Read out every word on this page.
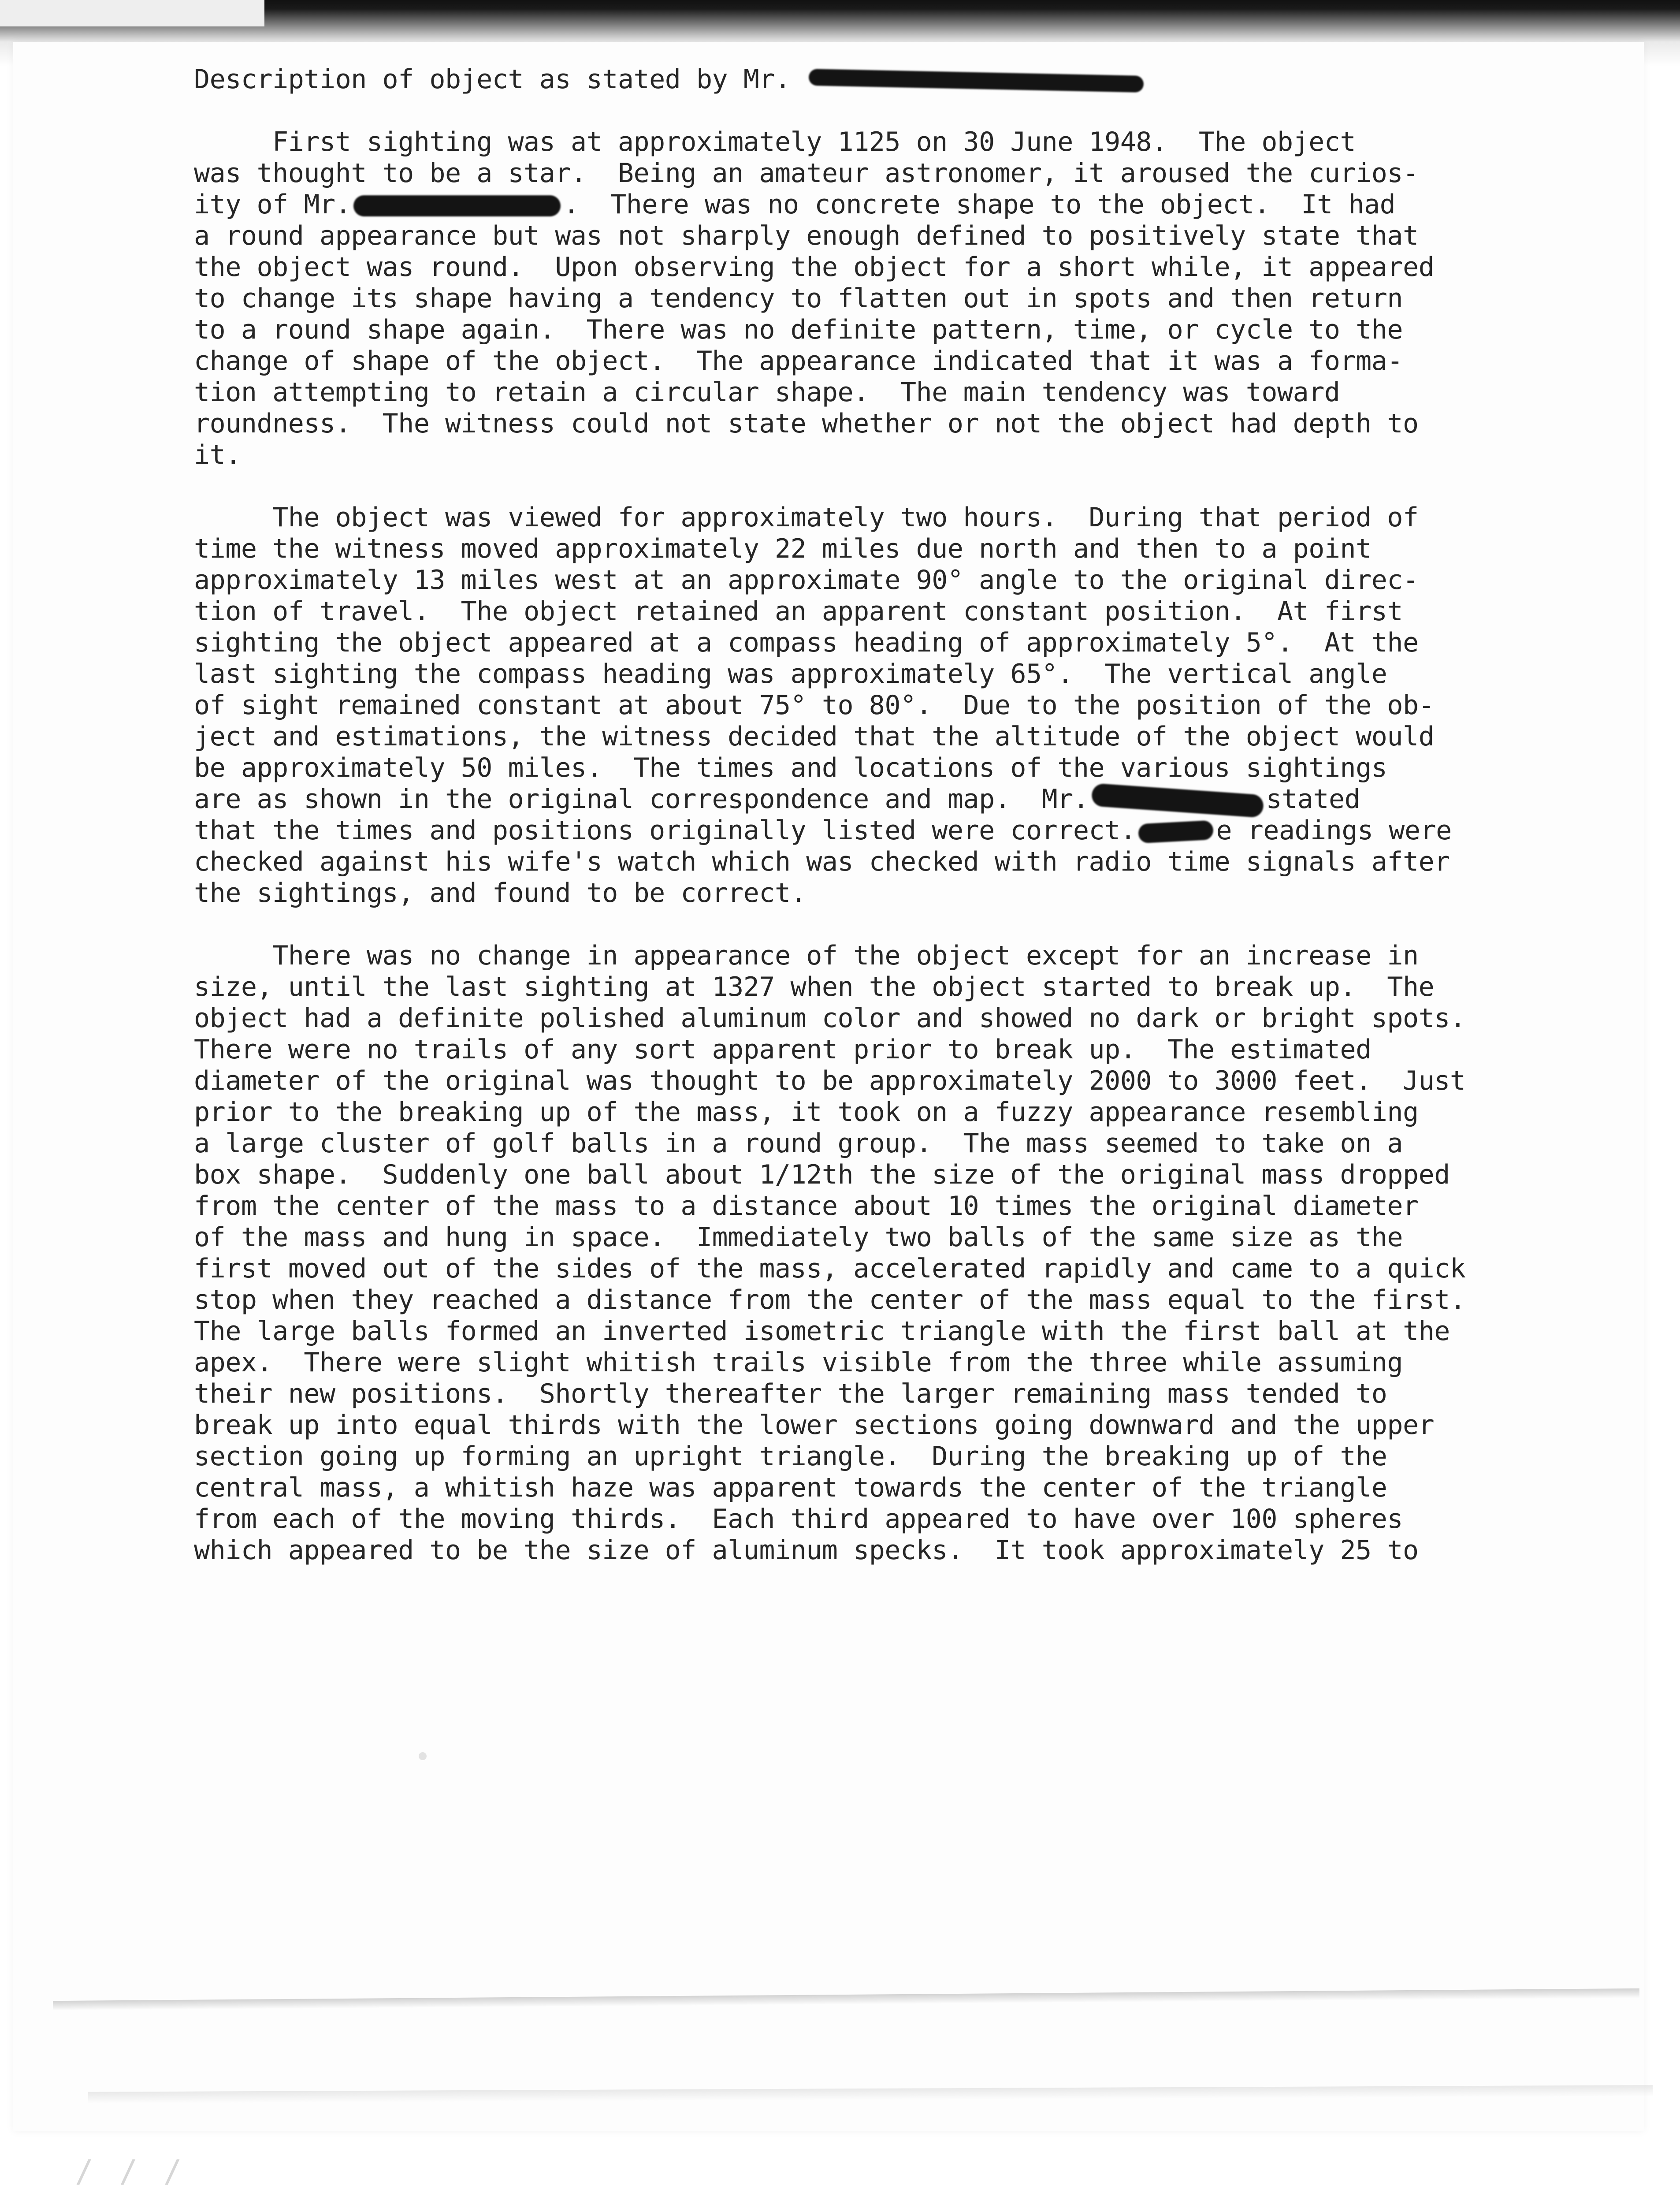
/ / /
Description of object as stated by Mr.
First sighting was at approximately 1125 on 30 June 1948.  The object
was thought to be a star.  Being an amateur astronomer, it aroused the curios-
ity of Mr.	.  There was no concrete shape to the object.  It had
a round appearance but was not sharply enough defined to positively state that
the object was round.  Upon observing the object for a short while, it appeared
to change its shape having a tendency to flatten out in spots and then return
to a round shape again.  There was no definite pattern, time, or cycle to the
change of shape of the object.  The appearance indicated that it was a forma-
tion attempting to retain a circular shape.  The main tendency was toward
roundness.  The witness could not state whether or not the object had depth to
it.
The object was viewed for approximately two hours.  During that period of
time the witness moved approximately 22 miles due north and then to a point
approximately 13 miles west at an approximate 90° angle to the original direc-
tion of travel.  The object retained an apparent constant position.  At first
sighting the object appeared at a compass heading of approximately 5°.  At the
last sighting the compass heading was approximately 65°.  The vertical angle
of sight remained constant at about 75° to 80°.  Due to the position of the ob-
ject and estimations, the witness decided that the altitude of the object would
be approximately 50 miles.  The times and locations of the various sightings
are as shown in the original correspondence and map.  Mr.	stated
that the times and positions originally listed were correct.	e readings were
checked against his wife's watch which was checked with radio time signals after
the sightings, and found to be correct.
There was no change in appearance of the object except for an increase in
size, until the last sighting at 1327 when the object started to break up.  The
object had a definite polished aluminum color and showed no dark or bright spots.
There were no trails of any sort apparent prior to break up.  The estimated
diameter of the original was thought to be approximately 2000 to 3000 feet.  Just
prior to the breaking up of the mass, it took on a fuzzy appearance resembling
a large cluster of golf balls in a round group.  The mass seemed to take on a
box shape.  Suddenly one ball about 1/12th the size of the original mass dropped
from the center of the mass to a distance about 10 times the original diameter
of the mass and hung in space.  Immediately two balls of the same size as the
first moved out of the sides of the mass, accelerated rapidly and came to a quick
stop when they reached a distance from the center of the mass equal to the first.
The large balls formed an inverted isometric triangle with the first ball at the
apex.  There were slight whitish trails visible from the three while assuming
their new positions.  Shortly thereafter the larger remaining mass tended to
break up into equal thirds with the lower sections going downward and the upper
section going up forming an upright triangle.  During the breaking up of the
central mass, a whitish haze was apparent towards the center of the triangle
from each of the moving thirds.  Each third appeared to have over 100 spheres
which appeared to be the size of aluminum specks.  It took approximately 25 to
